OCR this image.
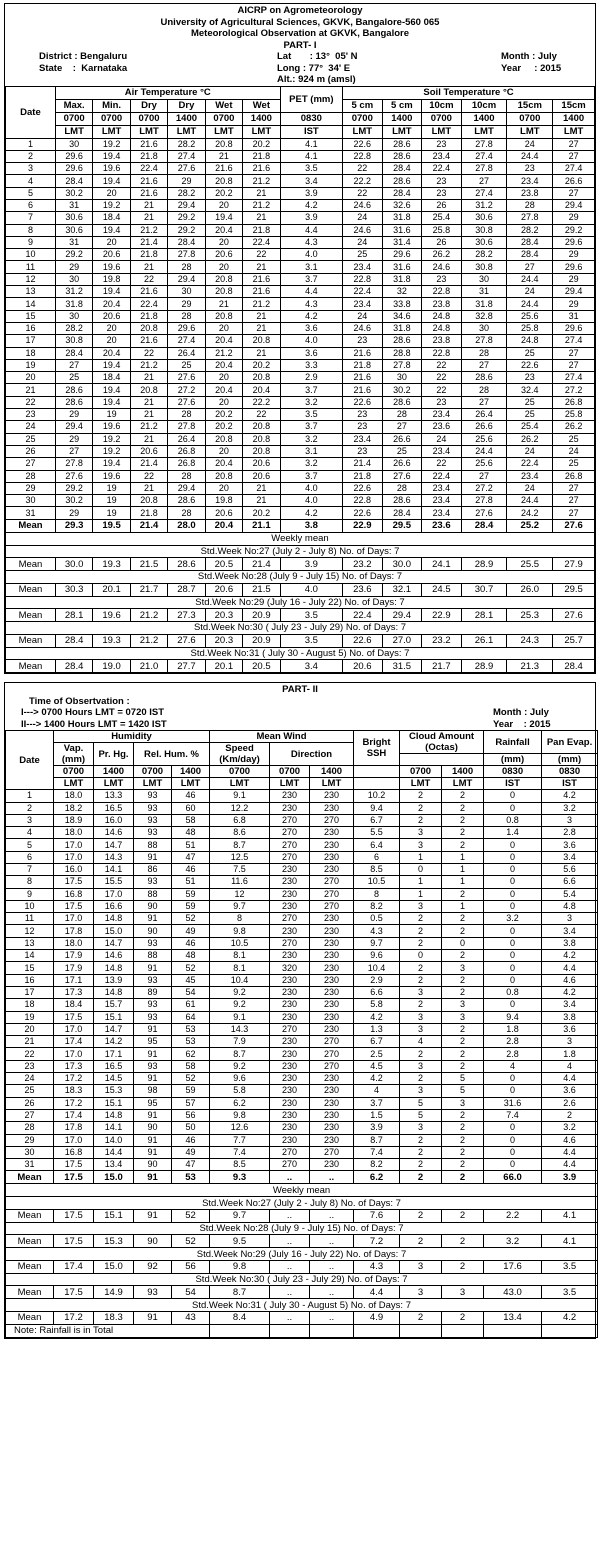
AICRP on Agrometeorology
University of Agricultural Sciences, GKVK, Bangalore-560 065
Meteorological Observation at GKVK, Bangalore
PART- I
District : Bengaluru	Lat       : 13°  05' N	Month : July
State    :  Karnataka	Long : 77°  34' E	Year     : 2015
Alt.: 924 m (amsl)
Date	Air Temperature °C						PET (mm)	Soil Temperature °C					
	Max.	Min.	Dry	Dry	Wet	Wet		5 cm	5 cm	10cm	10cm	15cm	15cm
	0700	0700	0700	1400	0700	1400	0830	0700	1400	0700	1400	0700	1400
	LMT	LMT	LMT	LMT	LMT	LMT	IST	LMT	LMT	LMT	LMT	LMT	LMT
1	30	19.2	21.6	28.2	20.8	20.2	4.1	22.6	28.6	23	27.8	24	27
2	29.6	19.4	21.8	27.4	21	21.8	4.1	22.8	28.6	23.4	27.4	24.4	27
3	29.6	19.6	22.4	27.6	21.6	21.6	3.5	22	28.4	22.4	27.8	23	27.4
4	28.4	19.4	21.6	29	20.8	21.2	3.4	22.2	28.6	23	27	23.4	26.6
5	30.2	20	21.6	28.2	20.2	21	3.9	22	28.4	23	27.4	23.8	27
6	31	19.2	21	29.4	20	21.2	4.2	24.6	32.6	26	31.2	28	29.4
7	30.6	18.4	21	29.2	19.4	21	3.9	24	31.8	25.4	30.6	27.8	29
8	30.6	19.4	21.2	29.2	20.4	21.8	4.4	24.6	31.6	25.8	30.8	28.2	29.2
9	31	20	21.4	28.4	20	22.4	4.3	24	31.4	26	30.6	28.4	29.6
10	29.2	20.6	21.8	27.8	20.6	22	4.0	25	29.6	26.2	28.2	28.4	29
11	29	19.6	21	28	20	21	3.1	23.4	31.6	24.6	30.8	27	29.6
12	30	19.8	22	29.4	20.8	21.6	3.7	22.8	31.8	23	30	24.4	29
13	31.2	19.4	21.6	30	20.8	21.6	4.4	22.4	32	22.8	31	24	29.4
14	31.8	20.4	22.4	29	21	21.2	4.3	23.4	33.8	23.8	31.8	24.4	29
15	30	20.6	21.8	28	20.8	21	4.2	24	34.6	24.8	32.8	25.6	31
16	28.2	20	20.8	29.6	20	21	3.6	24.6	31.8	24.8	30	25.8	29.6
17	30.8	20	21.6	27.4	20.4	20.8	4.0	23	28.6	23.8	27.8	24.8	27.4
18	28.4	20.4	22	26.4	21.2	21	3.6	21.6	28.8	22.8	28	25	27
19	27	19.4	21.2	25	20.4	20.2	3.3	21.8	27.8	22	27	22.6	27
20	25	18.4	21	27.6	20	20.8	2.9	21.6	30	22	28.6	23	27.4
21	28.6	19.4	20.8	27.2	20.4	20.4	3.7	21.6	30.2	22	28	32.4	27.2
22	28.6	19.4	21	27.6	20	22.2	3.2	22.6	28.6	23	27	25	26.8
23	29	19	21	28	20.2	22	3.5	23	28	23.4	26.4	25	25.8
24	29.4	19.6	21.2	27.8	20.2	20.8	3.7	23	27	23.6	26.6	25.4	26.2
25	29	19.2	21	26.4	20.8	20.8	3.2	23.4	26.6	24	25.6	26.2	25
26	27	19.2	20.6	26.8	20	20.8	3.1	23	25	23.4	24.4	24	24
27	27.8	19.4	21.4	26.8	20.4	20.6	3.2	21.4	26.6	22	25.6	22.4	25
28	27.6	19.6	22	28	20.8	20.6	3.7	21.8	27.6	22.4	27	23.4	26.8
29	29.2	19	21	29.4	20	21	4.0	22.6	28	23.4	27.2	24	27
30	30.2	19	20.8	28.6	19.8	21	4.0	22.8	28.6	23.4	27.8	24.4	27
31	29	19	21.8	28	20.6	20.2	4.2	22.6	28.4	23.4	27.6	24.2	27
Mean	29.3	19.5	21.4	28.0	20.4	21.1	3.8	22.9	29.5	23.6	28.4	25.2	27.6
Weekly mean													
Std.Week No:27 (July 2 - July 8) No. of Days: 7													
Mean	30.0	19.3	21.5	28.6	20.5	21.4	3.9	23.2	30.0	24.1	28.9	25.5	27.9
Std.Week No:28 (July 9 - July 15) No. of Days: 7													
Mean	30.3	20.1	21.7	28.7	20.6	21.5	4.0	23.6	32.1	24.5	30.7	26.0	29.5
Std.Week No:29 (July 16 - July 22) No. of Days: 7													
Mean	28.1	19.6	21.2	27.3	20.3	20.9	3.5	22.4	29.4	22.9	28.1	25.3	27.6
Std.Week No:30 ( July 23 - July 29) No. of Days: 7													
Mean	28.4	19.3	21.2	27.6	20.3	20.9	3.5	22.6	27.0	23.2	26.1	24.3	25.7
Std.Week No:31 ( July 30 - August 5) No. of Days: 7													
Mean	28.4	19.0	21.0	27.7	20.1	20.5	3.4	20.6	31.5	21.7	28.9	21.3	28.4
PART- II
Time of Obsertvation :
I---> 0700 Hours LMT = 0720 IST	Month : July
II---> 1400 Hours LMT = 1420 IST	Year    : 2015
Date	Humidity				Mean Wind			Bright SSH	Cloud Amount (Octas)		Rainfall	Pan Evap.
	Vap. (mm)	Pr. Hg.	Rel. Hum. %		Speed (Km/day)	Direction						
											(mm)	(mm)
	0700	1400	0700	1400	0700	0700	1400		0700	1400	0830	0830
	LMT	LMT	LMT	LMT	LMT	LMT	LMT		LMT	LMT	IST	IST
1	18.0	13.3	93	46	9.1	230	230	10.2	2	2	0	4.2
2	18.2	16.5	93	60	12.2	230	230	9.4	2	2	0	3.2
3	18.9	16.0	93	58	6.8	270	270	6.7	2	2	0.8	3
4	18.0	14.6	93	48	8.6	270	230	5.5	3	2	1.4	2.8
5	17.0	14.7	88	51	8.7	270	230	6.4	3	2	0	3.6
6	17.0	14.3	91	47	12.5	270	230	6	1	1	0	3.4
7	16.0	14.1	86	46	7.5	230	230	8.5	0	1	0	5.6
8	17.5	15.5	93	51	11.6	230	270	10.5	1	1	0	6.6
9	16.8	17.0	88	59	12	230	270	8	1	2	0	5.4
10	17.5	16.6	90	59	9.7	230	270	8.2	3	1	0	4.8
11	17.0	14.8	91	52	8	270	230	0.5	2	2	3.2	3
12	17.8	15.0	90	49	9.8	230	230	4.3	2	2	0	3.4
13	18.0	14.7	93	46	10.5	270	230	9.7	2	0	0	3.8
14	17.9	14.6	88	48	8.1	230	230	9.6	0	2	0	4.2
15	17.9	14.8	91	52	8.1	320	230	10.4	2	3	0	4.4
16	17.1	13.9	93	45	10.4	230	230	2.9	2	2	0	4.6
17	17.3	14.8	89	54	9.2	230	230	6.6	3	2	0.8	4.2
18	18.4	15.7	93	61	9.2	230	230	5.8	2	3	0	3.4
19	17.5	15.1	93	64	9.1	230	230	4.2	3	3	9.4	3.8
20	17.0	14.7	91	53	14.3	270	230	1.3	3	2	1.8	3.6
21	17.4	14.2	95	53	7.9	230	270	6.7	4	2	2.8	3
22	17.0	17.1	91	62	8.7	230	270	2.5	2	2	2.8	1.8
23	17.3	16.5	93	58	9.2	230	270	4.5	3	2	4	4
24	17.2	14.5	91	52	9.6	230	230	4.2	2	5	0	4.4
25	18.3	15.3	98	59	5.8	230	230	4	3	5	0	3.6
26	17.2	15.1	95	57	6.2	230	230	3.7	5	3	31.6	2.6
27	17.4	14.8	91	56	9.8	230	230	1.5	5	2	7.4	2
28	17.8	14.1	90	50	12.6	230	230	3.9	3	2	0	3.2
29	17.0	14.0	91	46	7.7	230	230	8.7	2	2	0	4.6
30	16.8	14.4	91	49	7.4	270	270	7.4	2	2	0	4.4
31	17.5	13.4	90	47	8.5	270	230	8.2	2	2	0	4.4
Mean	17.5	15.0	91	53	9.3	..	..	6.2	2	2	66.0	3.9
Weekly mean												
Std.Week No:27 (July 2 - July 8) No. of Days: 7												
Mean	17.5	15.1	91	52	9.7	..	..	7.6	2	2	2.2	4.1
Std.Week No:28 (July 9 - July 15) No. of Days: 7												
Mean	17.5	15.3	90	52	9.5	..	..	7.2	2	2	3.2	4.1
Std.Week No:29 (July 16 - July 22) No. of Days: 7												
Mean	17.4	15.0	92	56	9.8	..	..	4.3	3	2	17.6	3.5
Std.Week No:30 ( July 23 - July 29) No. of Days: 7												
Mean	17.5	14.9	93	54	8.7	..	..	4.4	3	3	43.0	3.5
Std.Week No:31 ( July 30 - August 5) No. of Days: 7												
Mean	17.2	18.3	91	43	8.4	..	..	4.9	2	2	13.4	4.2
Note: Rainfall is in Total												
